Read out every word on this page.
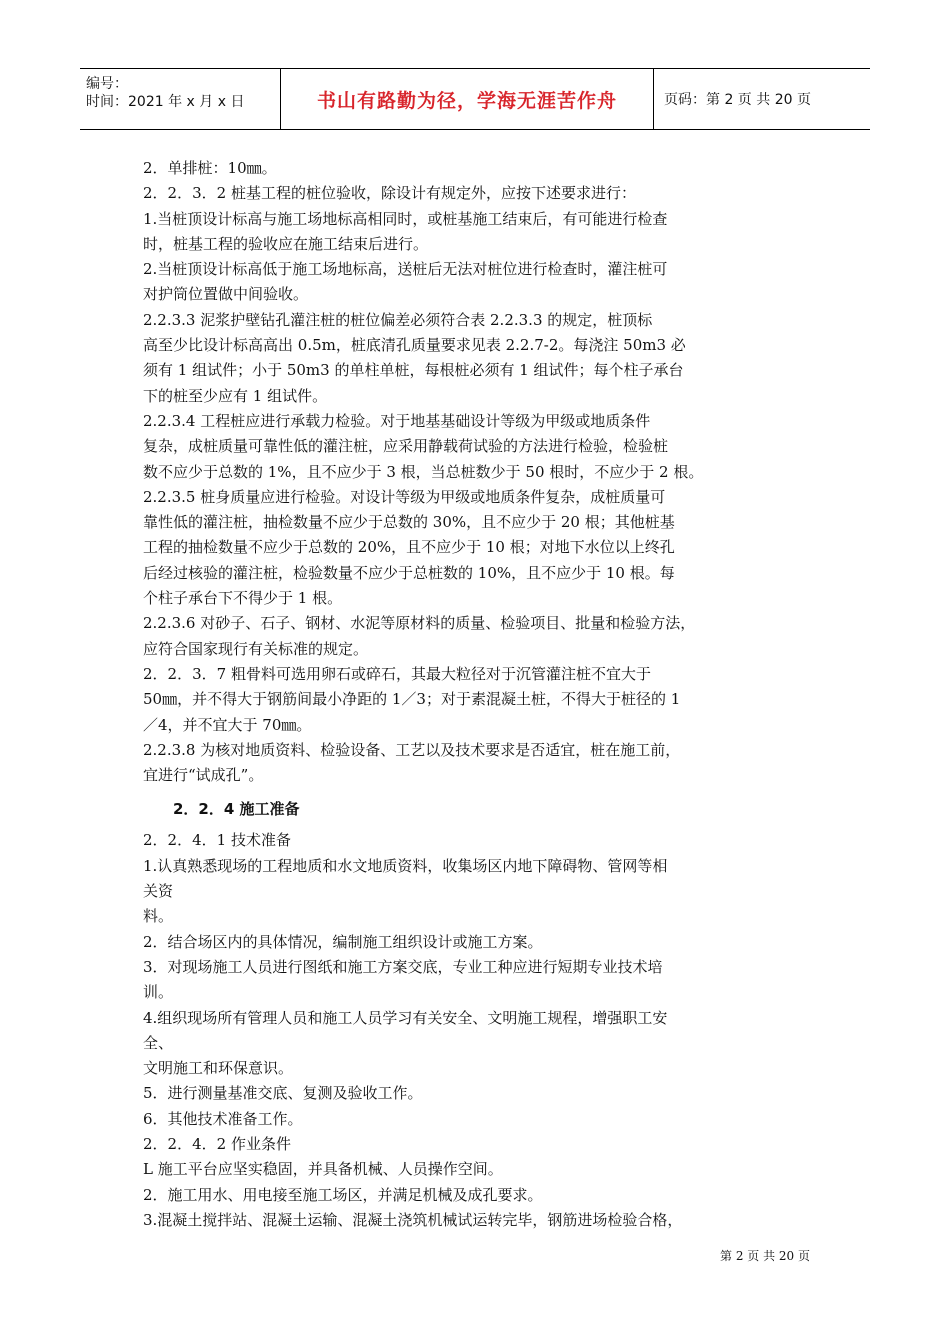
编号：
时间：2021 年 x 月 x 日	书山有路勤为径，学海无涯苦作舟	页码：第 2 页 共 20 页
2．单排桩：10㎜。
2．2．3．2 桩基工程的桩位验收，除设计有规定外，应按下述要求进行：
1.当桩顶设计标高与施工场地标高相同时，或桩基施工结束后，有可能进行检查
时，桩基工程的验收应在施工结束后进行。
2.当桩顶设计标高低于施工场地标高，送桩后无法对桩位进行检查时，灌注桩可
对护筒位置做中间验收。
2.2.3.3 泥浆护壁钻孔灌注桩的桩位偏差必须符合表 2.2.3.3 的规定，桩顶标
高至少比设计标高高出 0.5m，桩底清孔质量要求见表 2.2.7-2。每浇注 50m3 必
须有 1 组试件；小于 50m3 的单柱单桩，每根桩必须有 1 组试件；每个柱子承台
下的桩至少应有 1 组试件。
2.2.3.4 工程桩应进行承载力检验。对于地基基础设计等级为甲级或地质条件
复杂，成桩质量可靠性低的灌注桩，应采用静载荷试验的方法进行检验，检验桩
数不应少于总数的 1%，且不应少于 3 根，当总桩数少于 50 根时，不应少于 2 根。
2.2.3.5 桩身质量应进行检验。对设计等级为甲级或地质条件复杂，成桩质量可
靠性低的灌注桩，抽检数量不应少于总数的 30%，且不应少于 20 根；其他桩基
工程的抽检数量不应少于总数的 20%，且不应少于 10 根；对地下水位以上终孔
后经过核验的灌注桩，检验数量不应少于总桩数的 10%，且不应少于 10 根。每
个柱子承台下不得少于 1 根。
2.2.3.6 对砂子、石子、钢材、水泥等原材料的质量、检验项目、批量和检验方法，
应符合国家现行有关标准的规定。
2．2．3．7 粗骨料可选用卵石或碎石，其最大粒径对于沉管灌注桩不宜大于
50㎜，并不得大于钢筋间最小净距的 1／3；对于素混凝土桩，不得大于桩径的 1
／4，并不宜大于 70㎜。
2.2.3.8 为核对地质资料、检验设备、工艺以及技术要求是否适宜，桩在施工前，
宜进行“试成孔”。
2．2．4 施工准备
2．2．4．1 技术准备
1.认真熟悉现场的工程地质和水文地质资料，收集场区内地下障碍物、管网等相
关资
料。
2．结合场区内的具体情况，编制施工组织设计或施工方案。
3．对现场施工人员进行图纸和施工方案交底，专业工种应进行短期专业技术培
训。
4.组织现场所有管理人员和施工人员学习有关安全、文明施工规程，增强职工安
全、
文明施工和环保意识。
5．进行测量基准交底、复测及验收工作。
6．其他技术准备工作。
2．2．4．2 作业条件
L 施工平台应坚实稳固，并具备机械、人员操作空间。
2．施工用水、用电接至施工场区，并满足机械及成孔要求。
3.混凝土搅拌站、混凝土运输、混凝土浇筑机械试运转完毕，钢筋进场检验合格，
第 2 页 共 20 页
